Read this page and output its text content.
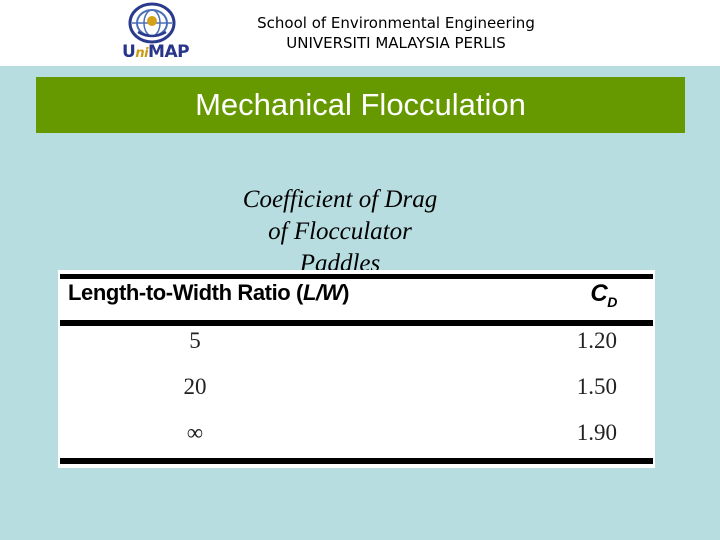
UniMAP
School of Environmental Engineering
UNIVERSITI MALAYSIA PERLIS
Mechanical Flocculation
Coefficient of Drag
of Flocculator
Paddles
Length-to-Width Ratio (L/W)	$C_D$
5	1.20
20	1.50
∞	1.90
